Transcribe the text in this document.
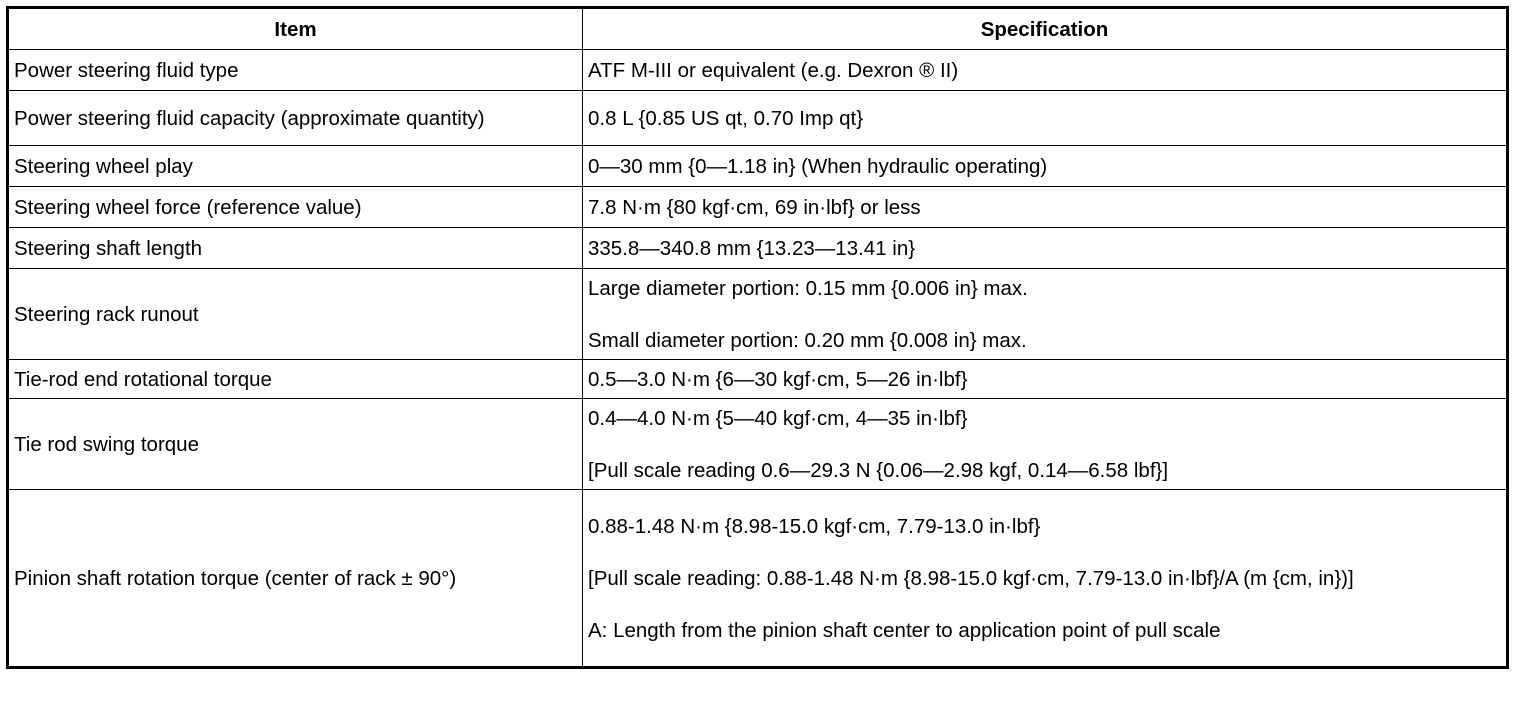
Item	Specification
Power steering fluid type	ATF M-III or equivalent (e.g. Dexron ® II)

Power steering fluid capacity (approximate quantity)	0.8 L {0.85 US qt, 0.70 Imp qt}

Steering wheel play	0—30 mm {0—1.18 in} (When hydraulic operating)

Steering wheel force (reference value)	7.8 N·m {80 kgf·cm, 69 in·lbf} or less

Steering shaft length	335.8—340.8 mm {13.23—13.41 in}

Steering rack runout	Large diameter portion: 0.15 mm {0.006 in} max.
Small diameter portion: 0.20 mm {0.008 in} max.

Tie-rod end rotational torque	0.5—3.0 N·m {6—30 kgf·cm, 5—26 in·lbf}

Tie rod swing torque	0.4—4.0 N·m {5—40 kgf·cm, 4—35 in·lbf}
[Pull scale reading 0.6—29.3 N {0.06—2.98 kgf, 0.14—6.58 lbf}]

Pinion shaft rotation torque (center of rack ± 90°)	0.88-1.48 N·m {8.98-15.0 kgf·cm, 7.79-13.0 in·lbf}
[Pull scale reading: 0.88-1.48 N·m {8.98-15.0 kgf·cm, 7.79-13.0 in·lbf}/A (m {cm, in})]
A: Length from the pinion shaft center to application point of pull scale
